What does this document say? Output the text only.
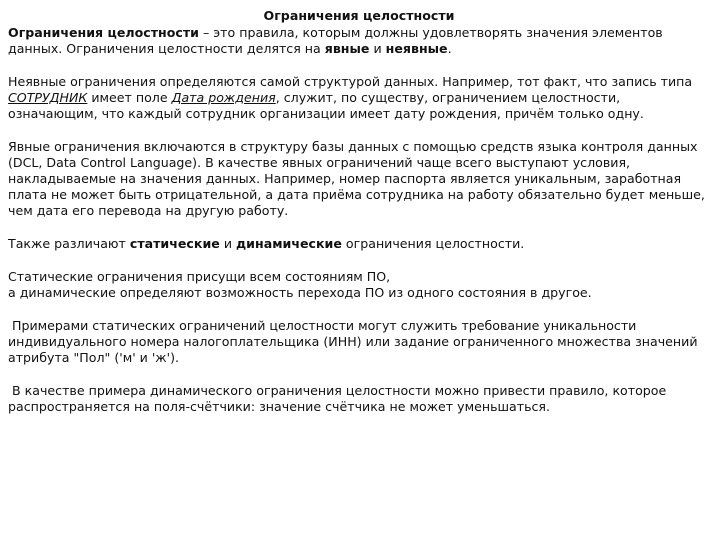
Ограничения целостности

Ограничения целостности – это правила, которым должны удовлетворять значения элементов данных. Ограничения целостности делятся на явные и неявные.

Неявные ограничения определяются самой структурой данных. Например, тот факт, что запись типа СОТРУДНИК имеет поле Дата рождения, служит, по существу, ограничением целостности, означающим, что каждый сотрудник организации имеет дату рождения, причём только одну.

Явные ограничения включаются в структуру базы данных с помощью средств языка контроля данных (DCL, Data Control Language). В качестве явных ограничений чаще всего выступают условия, накладываемые на значения данных. Например, номер паспорта является уникальным, заработная плата не может быть отрицательной, а дата приёма сотрудника на работу обязательно будет меньше, чем дата его перевода на другую работу.

Также различают статические и динамические ограничения целостности.

Статические ограничения присущи всем состояниям ПО,
а динамические определяют возможность перехода ПО из одного состояния в другое.

Примерами статических ограничений целостности могут служить требование уникальности индивидуального номера налогоплательщика (ИНН) или задание ограниченного множества значений атрибута "Пол" ('м' и 'ж').

В качестве примера динамического ограничения целостности можно привести правило, которое распространяется на поля-счётчики: значение счётчика не может уменьшаться.
